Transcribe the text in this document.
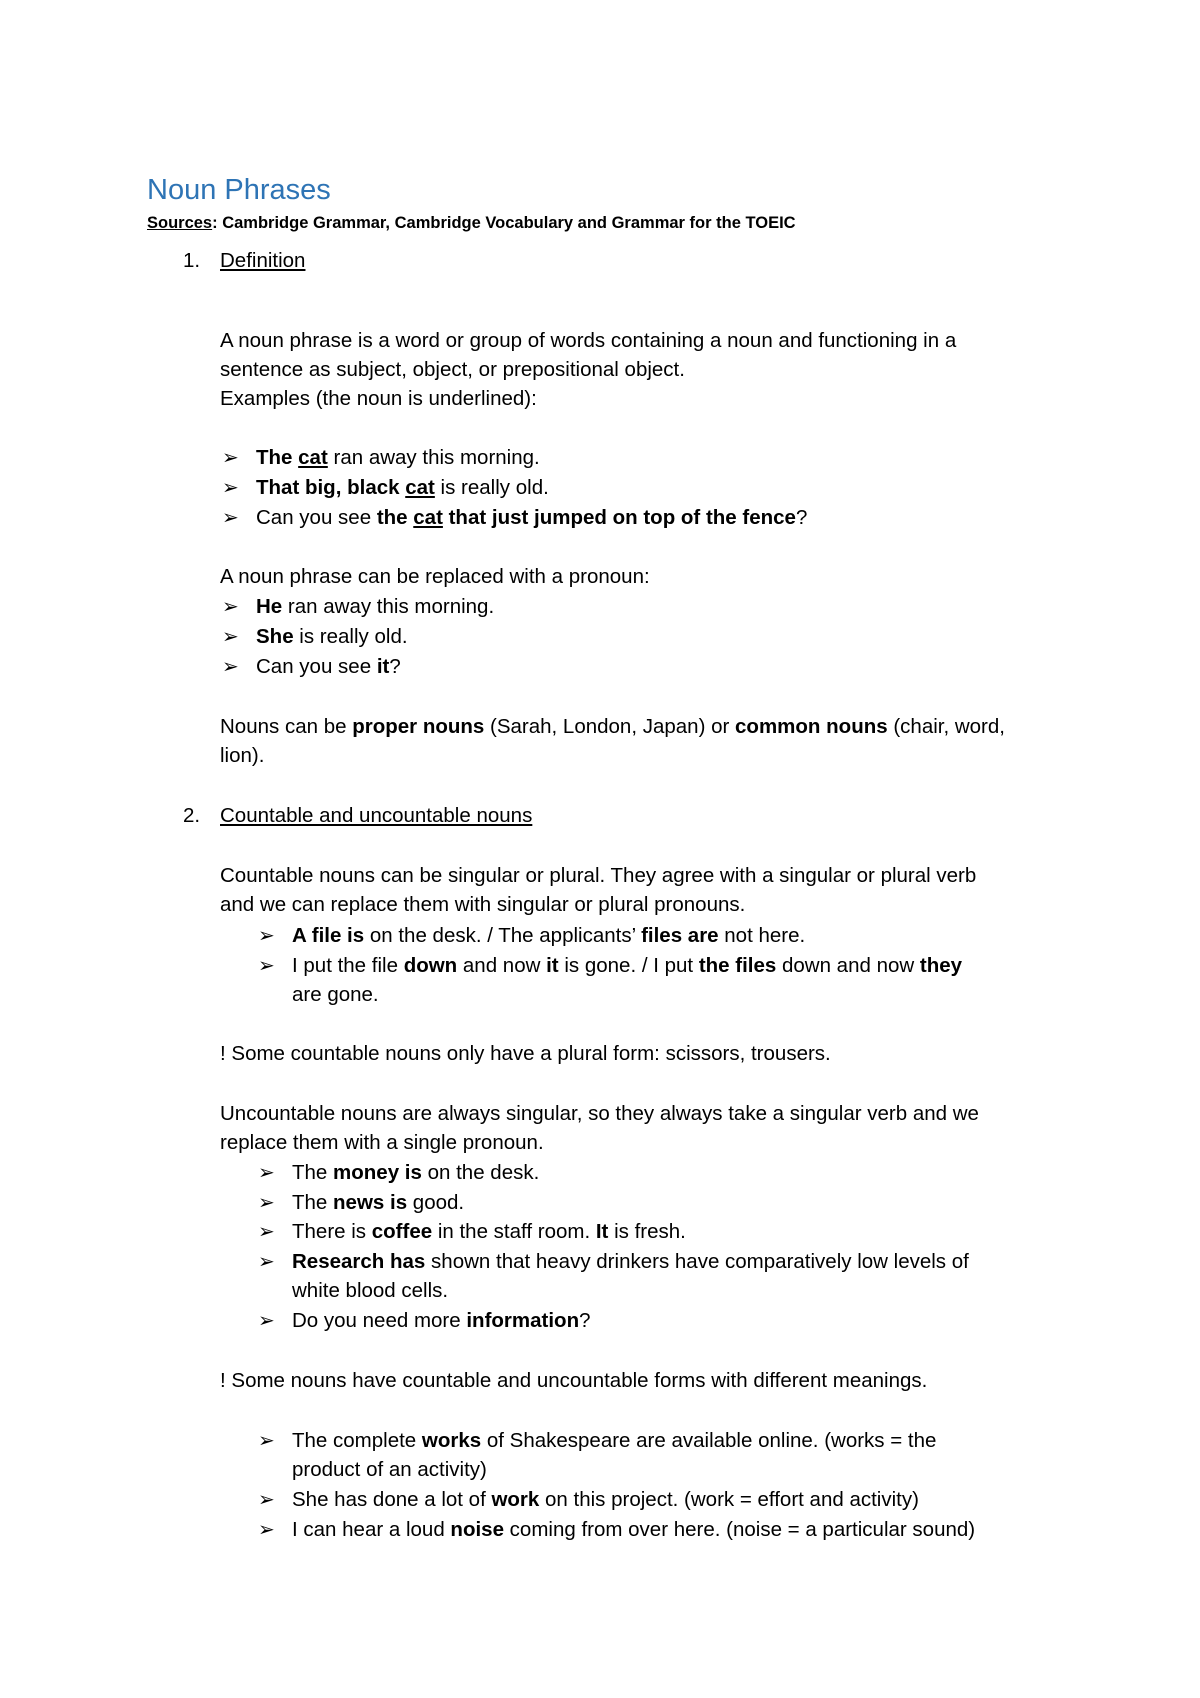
Noun Phrases
Sources: Cambridge Grammar, Cambridge Vocabulary and Grammar for the TOEIC
1. Definition
A noun phrase is a word or group of words containing a noun and functioning in a
sentence as subject, object, or prepositional object.
Examples (the noun is underlined):
➢ The cat ran away this morning.
➢ That big, black cat is really old.
➢ Can you see the cat that just jumped on top of the fence?
A noun phrase can be replaced with a pronoun:
➢ He ran away this morning.
➢ She is really old.
➢ Can you see it?
Nouns can be proper nouns (Sarah, London, Japan) or common nouns (chair, word,
lion).
2. Countable and uncountable nouns
Countable nouns can be singular or plural. They agree with a singular or plural verb
and we can replace them with singular or plural pronouns.
➢ A file is on the desk. / The applicants’ files are not here.
➢ I put the file down and now it is gone. / I put the files down and now they
are gone.
! Some countable nouns only have a plural form: scissors, trousers.
Uncountable nouns are always singular, so they always take a singular verb and we
replace them with a single pronoun.
➢ The money is on the desk.
➢ The news is good.
➢ There is coffee in the staff room. It is fresh.
➢ Research has shown that heavy drinkers have comparatively low levels of
white blood cells.
➢ Do you need more information?
! Some nouns have countable and uncountable forms with different meanings.
➢ The complete works of Shakespeare are available online. (works = the
product of an activity)
➢ She has done a lot of work on this project. (work = effort and activity)
➢ I can hear a loud noise coming from over here. (noise = a particular sound)
